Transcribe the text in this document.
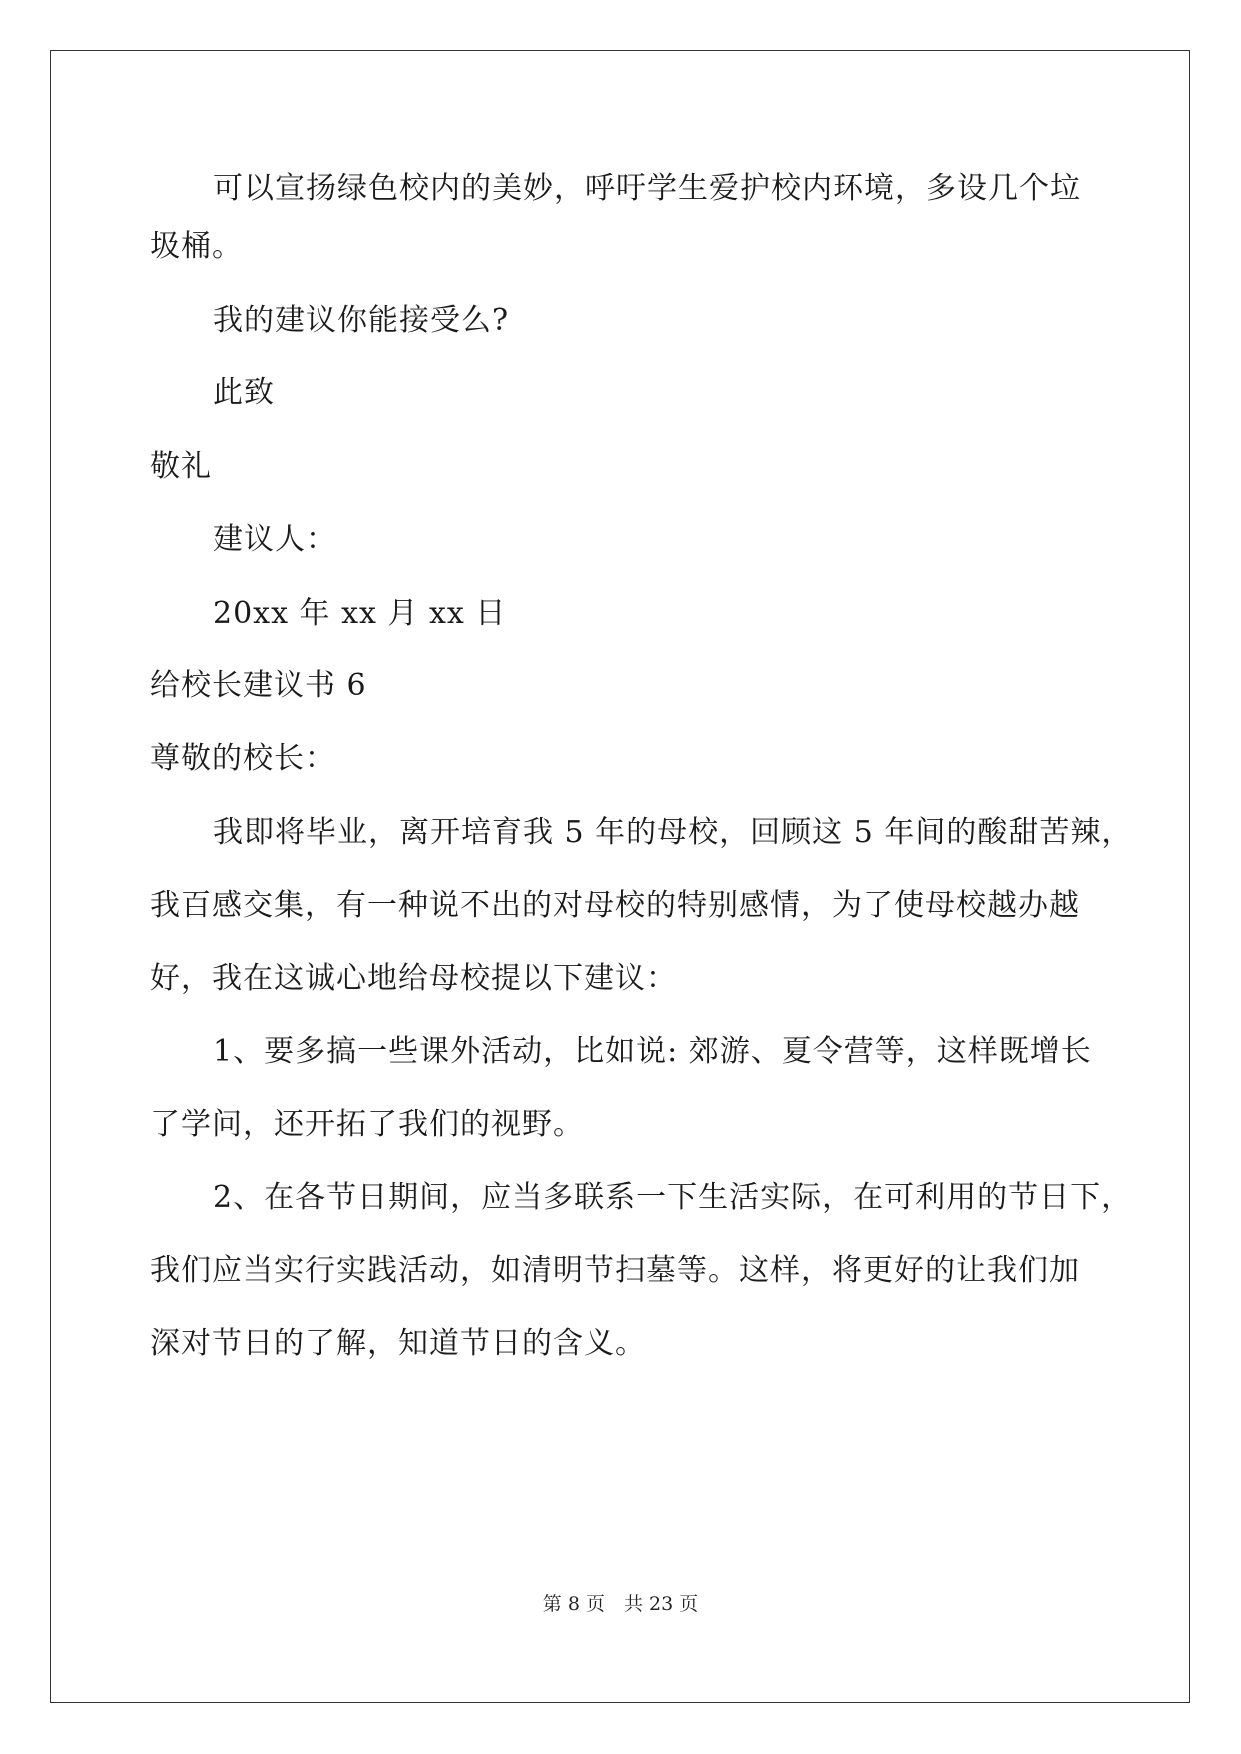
可以宣扬绿色校内的美妙，呼吁学生爱护校内环境，多设几个垃
圾桶。
我的建议你能接受么?
此致
敬礼
建议人：
20xx 年 xx 月 xx 日
给校长建议书 6
尊敬的校长：
我即将毕业，离开培育我 5 年的母校，回顾这 5 年间的酸甜苦辣，
我百感交集，有一种说不出的对母校的特别感情，为了使母校越办越
好，我在这诚心地给母校提以下建议：
1、要多搞一些课外活动，比如说: 郊游、夏令营等，这样既增长
了学问，还开拓了我们的视野。
2、在各节日期间，应当多联系一下生活实际，在可利用的节日下，
我们应当实行实践活动，如清明节扫墓等。这样，将更好的让我们加
深对节日的了解，知道节日的含义。
第 8 页　共 23 页
